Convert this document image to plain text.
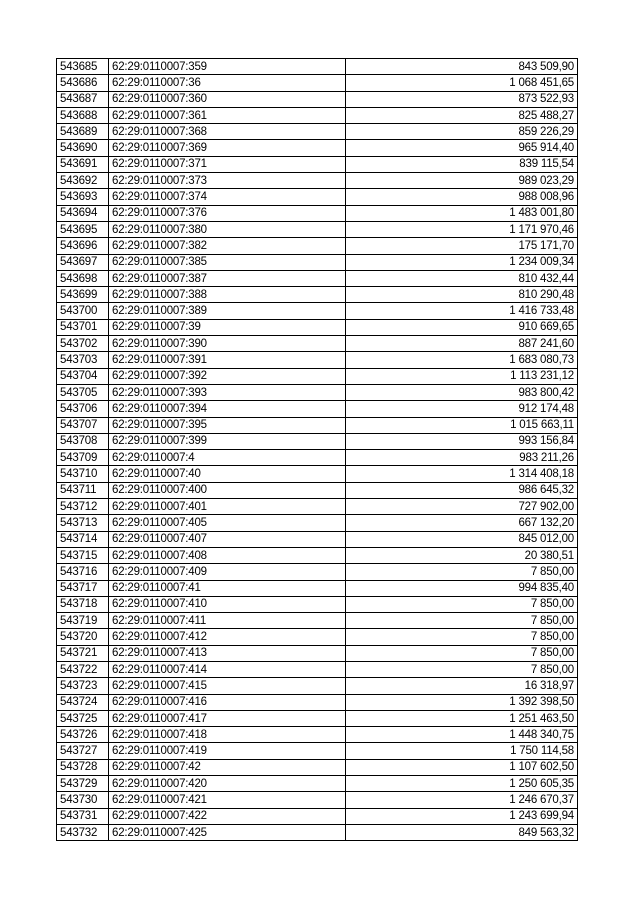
543685	62:29:0110007:359	843 509,90
543686	62:29:0110007:36	1 068 451,65
543687	62:29:0110007:360	873 522,93
543688	62:29:0110007:361	825 488,27
543689	62:29:0110007:368	859 226,29
543690	62:29:0110007:369	965 914,40
543691	62:29:0110007:371	839 115,54
543692	62:29:0110007:373	989 023,29
543693	62:29:0110007:374	988 008,96
543694	62:29:0110007:376	1 483 001,80
543695	62:29:0110007:380	1 171 970,46
543696	62:29:0110007:382	175 171,70
543697	62:29:0110007:385	1 234 009,34
543698	62:29:0110007:387	810 432,44
543699	62:29:0110007:388	810 290,48
543700	62:29:0110007:389	1 416 733,48
543701	62:29:0110007:39	910 669,65
543702	62:29:0110007:390	887 241,60
543703	62:29:0110007:391	1 683 080,73
543704	62:29:0110007:392	1 113 231,12
543705	62:29:0110007:393	983 800,42
543706	62:29:0110007:394	912 174,48
543707	62:29:0110007:395	1 015 663,11
543708	62:29:0110007:399	993 156,84
543709	62:29:0110007:4	983 211,26
543710	62:29:0110007:40	1 314 408,18
543711	62:29:0110007:400	986 645,32
543712	62:29:0110007:401	727 902,00
543713	62:29:0110007:405	667 132,20
543714	62:29:0110007:407	845 012,00
543715	62:29:0110007:408	20 380,51
543716	62:29:0110007:409	7 850,00
543717	62:29:0110007:41	994 835,40
543718	62:29:0110007:410	7 850,00
543719	62:29:0110007:411	7 850,00
543720	62:29:0110007:412	7 850,00
543721	62:29:0110007:413	7 850,00
543722	62:29:0110007:414	7 850,00
543723	62:29:0110007:415	16 318,97
543724	62:29:0110007:416	1 392 398,50
543725	62:29:0110007:417	1 251 463,50
543726	62:29:0110007:418	1 448 340,75
543727	62:29:0110007:419	1 750 114,58
543728	62:29:0110007:42	1 107 602,50
543729	62:29:0110007:420	1 250 605,35
543730	62:29:0110007:421	1 246 670,37
543731	62:29:0110007:422	1 243 699,94
543732	62:29:0110007:425	849 563,32
